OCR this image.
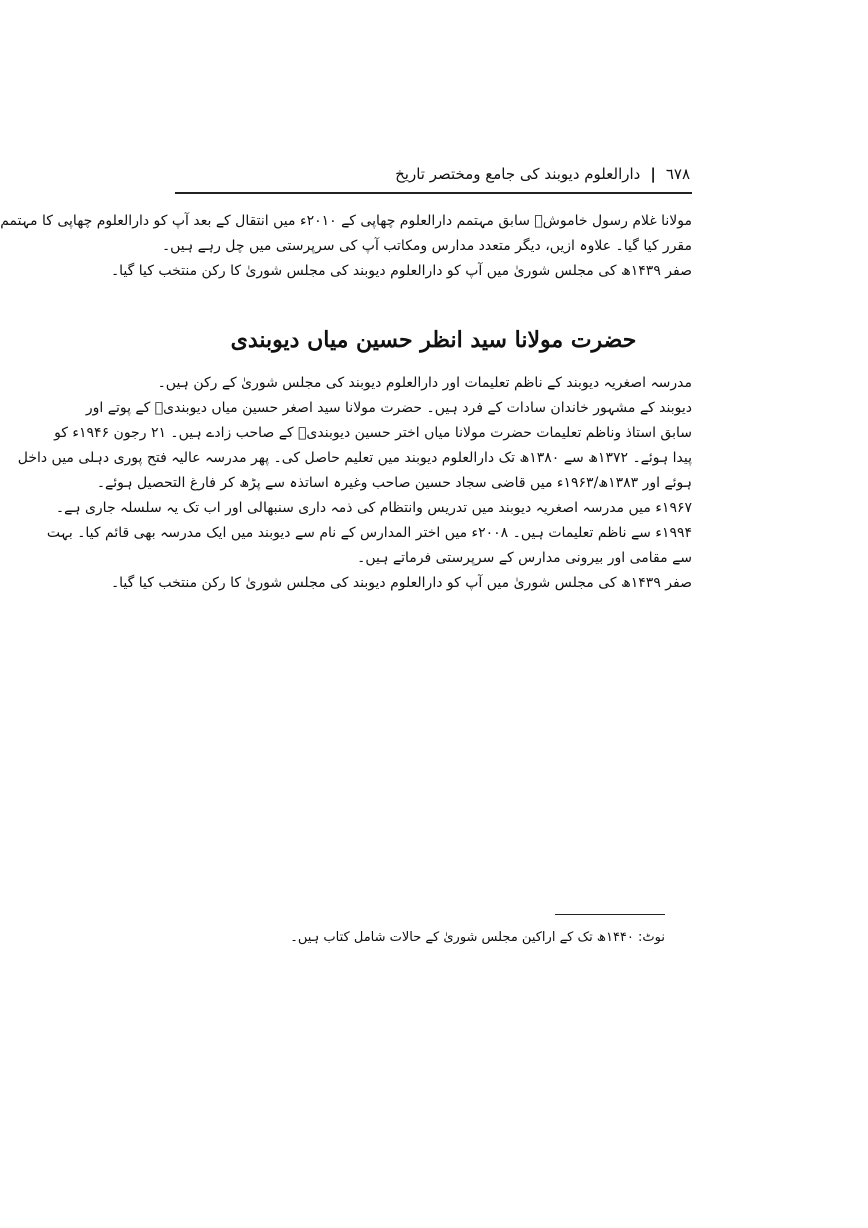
٦٧٨
|
دارالعلوم دیوبند کی جامع ومختصر تاریخ

مولانا غلام رسول خاموشؒ سابق مہتمم دارالعلوم چھاپی کے ۲۰۱۰ء میں انتقال کے بعد آپ کو دارالعلوم چھاپی کا مہتمم

مقرر کیا گیا۔ علاوہ ازیں، دیگر متعدد مدارس ومکاتب آپ کی سرپرستی میں چل رہے ہیں۔

صفر ۱۴۳۹ھ کی مجلس شوریٰ میں آپ کو دارالعلوم دیوبند کی مجلس شوریٰ کا رکن منتخب کیا گیا۔

حضرت مولانا سید انظر حسین میاں دیوبندی

مدرسہ اصغریہ دیوبند کے ناظم تعلیمات اور دارالعلوم دیوبند کی مجلس شوریٰ کے رکن ہیں۔

دیوبند کے مشہور خاندان سادات کے فرد ہیں۔ حضرت مولانا سید اصغر حسین میاں دیوبندیؒ کے پوتے اور

سابق استاذ وناظم تعلیمات حضرت مولانا میاں اختر حسین دیوبندیؒ کے صاحب زادے ہیں۔ ۲۱ رجون ۱۹۴۶ء کو

پیدا ہوئے۔ ۱۳۷۲ھ سے ۱۳۸۰ھ تک دارالعلوم دیوبند میں تعلیم حاصل کی۔ پھر مدرسہ عالیہ فتح پوری دہلی میں داخل

ہوئے اور ۱۳۸۳ھ/۱۹۶۳ء میں قاضی سجاد حسین صاحب وغیرہ اساتذہ سے پڑھ کر فارغ التحصیل ہوئے۔

۱۹۶۷ء میں مدرسہ اصغریہ دیوبند میں تدریس وانتظام کی ذمہ داری سنبھالی اور اب تک یہ سلسلہ جاری ہے۔

۱۹۹۴ء سے ناظم تعلیمات ہیں۔ ۲۰۰۸ء میں اختر المدارس کے نام سے دیوبند میں ایک مدرسہ بھی قائم کیا۔ بہت

سے مقامی اور بیرونی مدارس کے سرپرستی فرماتے ہیں۔

صفر ۱۴۳۹ھ کی مجلس شوریٰ میں آپ کو دارالعلوم دیوبند کی مجلس شوریٰ کا رکن منتخب کیا گیا۔

نوٹ: ۱۴۴۰ھ تک کے اراکین مجلس شوریٰ کے حالات شامل کتاب ہیں۔
